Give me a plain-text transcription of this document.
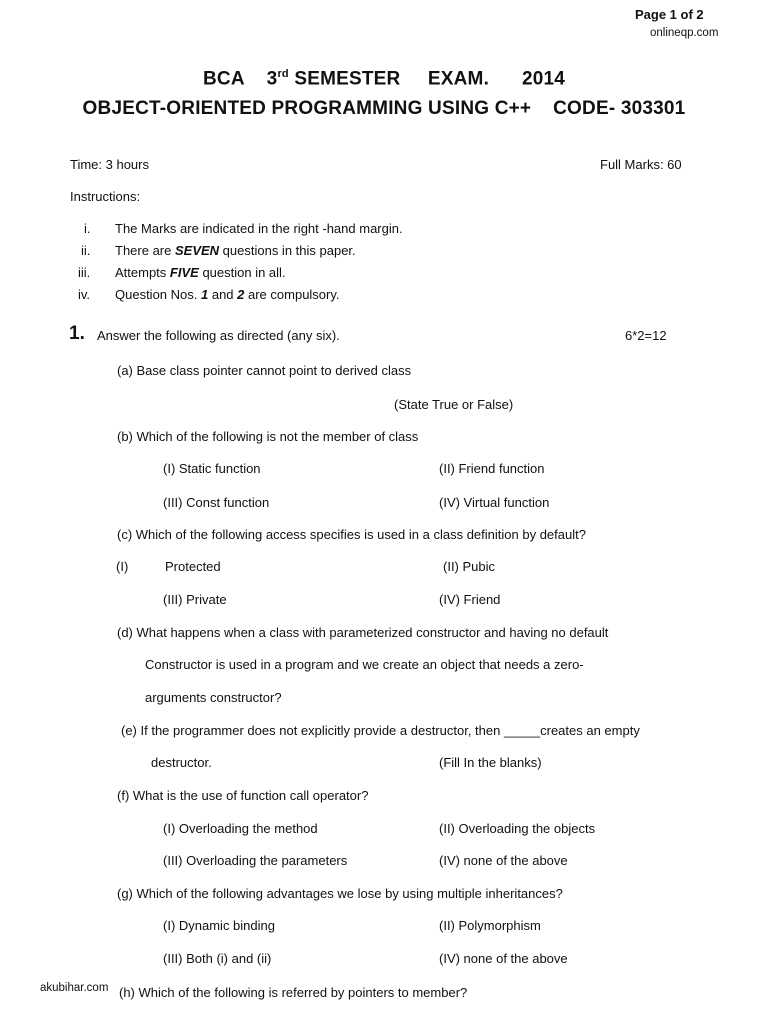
Page 1 of 2
onlineqp.com
BCA 3rd SEMESTER EXAM. 2014
OBJECT-ORIENTED PROGRAMMING USING C++ CODE- 303301
Time: 3 hours	Full Marks: 60
Instructions:
i. The Marks are indicated in the right -hand margin.
ii. There are SEVEN questions in this paper.
iii. Attempts FIVE question in all.
iv. Question Nos. 1 and 2 are compulsory.
1. Answer the following as directed (any six).	6*2=12
(a) Base class pointer cannot point to derived class
(State True or False)
(b) Which of the following is not the member of class
(I) Static function	(II) Friend function
(III) Const function	(IV) Virtual function
(c) Which of the following access specifies is used in a class definition by default?
(I)	Protected	(II) Pubic
(III) Private	(IV) Friend
(d) What happens when a class with parameterized constructor and having no default
Constructor is used in a program and we create an object that needs a zero-
arguments constructor?
(e) If the programmer does not explicitly provide a destructor, then _____creates an empty
destructor.	(Fill In the blanks)
(f) What is the use of function call operator?
(I) Overloading the method	(II) Overloading the objects
(III) Overloading the parameters	(IV) none of the above
(g) Which of the following advantages we lose by using multiple inheritances?
(I) Dynamic binding	(II) Polymorphism
(III) Both (i) and (ii)	(IV) none of the above
akubihar.com (h) Which of the following is referred by pointers to member?
